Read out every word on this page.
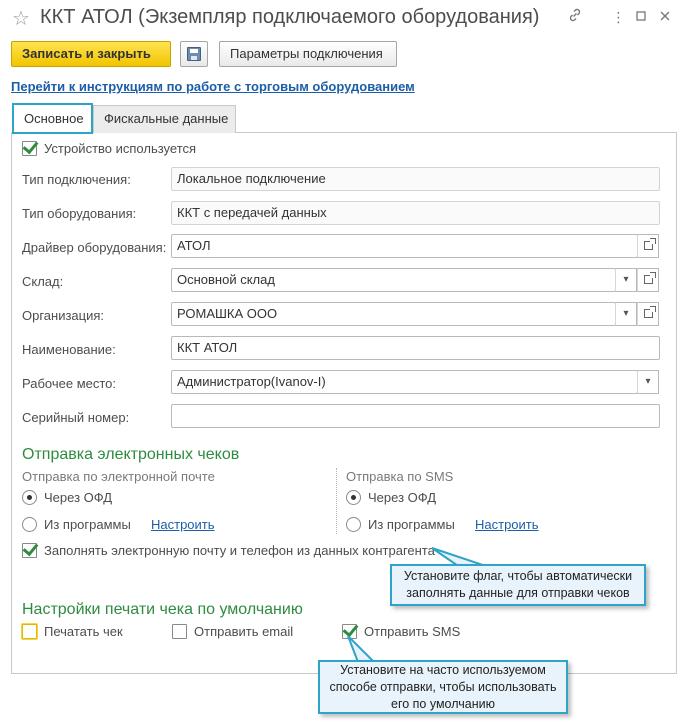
☆ ККТ АТОЛ (Экземпляр подключаемого оборудования)	⋮
Записать и закрыть	Параметры подключения
Перейти к инструкциям по работе с торговым оборудованием
Основное	Фискальные данные
Устройство используется
Тип подключения:	Локальное подключение
Тип оборудования:	ККТ с передачей данных
Драйвер оборудования: АТОЛ
Склад:	Основной склад	▾
Организация:	РОМАШКА ООО	▾
Наименование:	ККТ АТОЛ
Рабочее место:	Администратор(Ivanov-I)	▾
Серийный номер:
Отправка электронных чеков
Отправка по электронной почте
Через ОФД
Из программы Настроить
Отправка по SMS
Через ОФД
Из программы Настроить
Заполнять электронную почту и телефон из данных контрагента
Настройки печати чека по умолчанию
Печатать чек	Отправить email	Отправить SMS
Установите флаг, чтобы автоматически заполнять данные для отправки чеков
Установите на часто используемом способе отправки, чтобы использовать его по умолчанию
